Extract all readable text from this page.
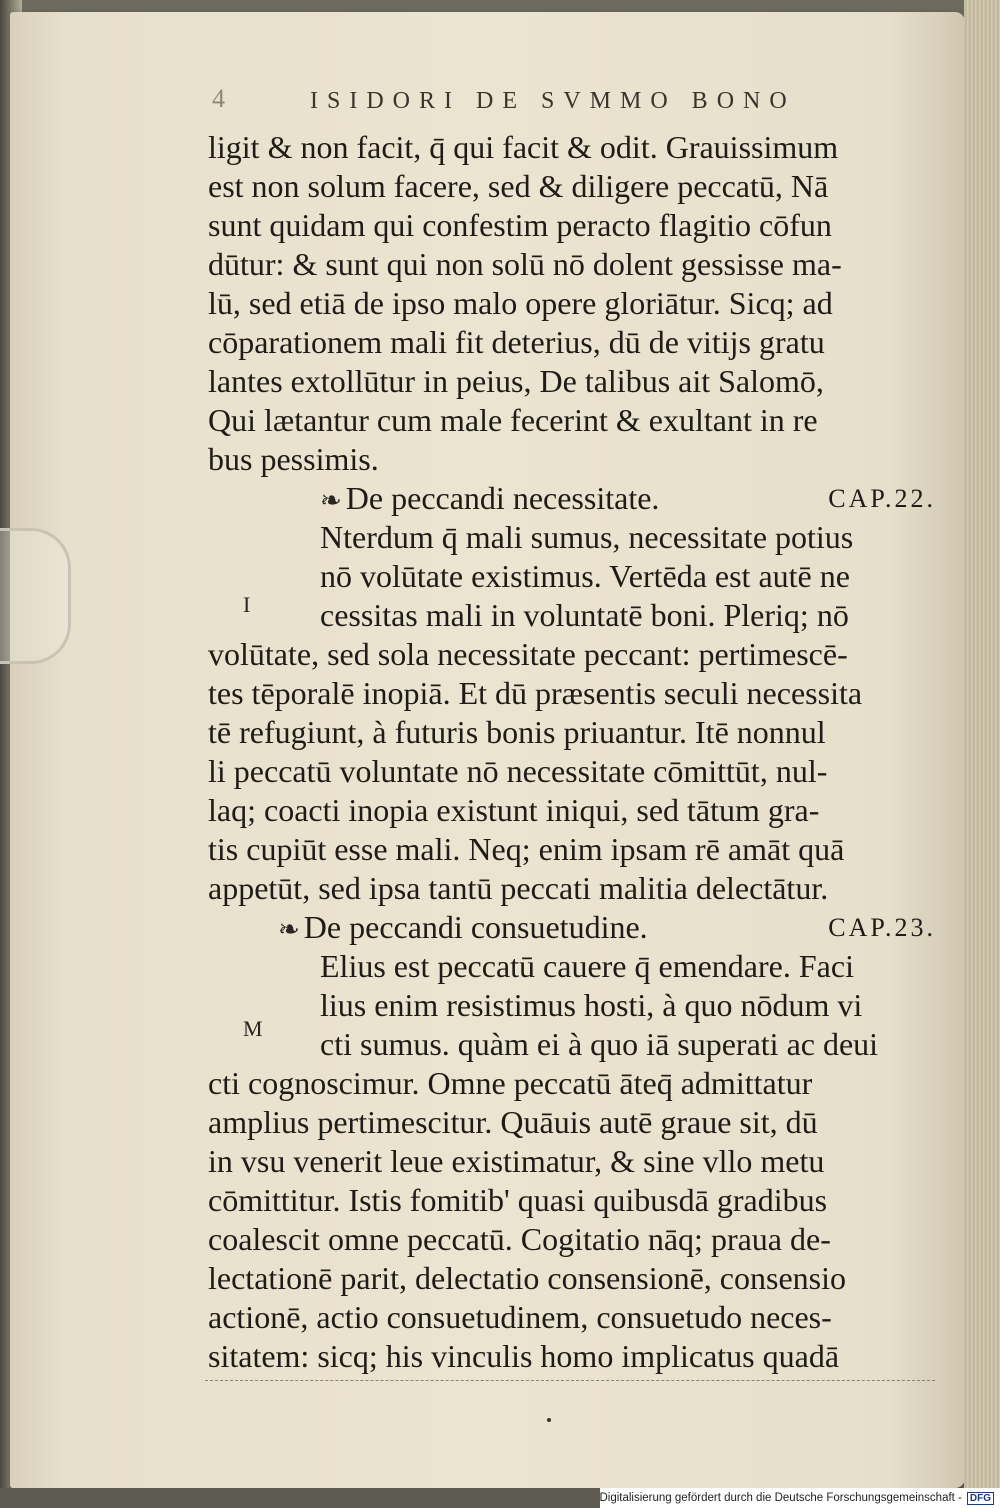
4	ISIDORI DE SVMMO BONO
ligit & non facit, q̄ qui facit & odit. Grauissimum
est non solum facere, sed & diligere peccatū, Nā
sunt quidam qui confestim peracto flagitio cōfun
dūtur: & sunt qui non solū nō dolent gessisse ma-
lū, sed etiā de ipso malo opere gloriātur. Sicq; ad
cōparationem mali fit deterius, dū de vitijs gratu
lantes extollūtur in peius, De talibus ait Salomō,
Qui lætantur cum male fecerint & exultant in re
bus pessimis.
❧ De peccandi necessitate.	CAP.22.
Nterdum q̄ mali sumus, necessitate potius
nō volūtate existimus. Vertēda est autē ne
cessitas mali in voluntatē boni. Pleriq; nō
volūtate, sed sola necessitate peccant: pertimescē-
tes tēporalē inopiā. Et dū præsentis seculi necessita
tē refugiunt, à futuris bonis priuantur. Itē nonnul
li peccatū voluntate nō necessitate cōmittūt, nul-
laq; coacti inopia existunt iniqui, sed tātum gra-
tis cupiūt esse mali. Neq; enim ipsam rē amāt quā
appetūt, sed ipsa tantū peccati malitia delectātur.
❧ De peccandi consuetudine.	CAP.23.
Elius est peccatū cauere q̄ emendare. Faci
lius enim resistimus hosti, à quo nōdum vi
cti sumus. quàm ei à quo iā superati ac deui
cti cognoscimur. Omne peccatū āteq̄ admittatur
amplius pertimescitur. Quāuis autē graue sit, dū
in vsu venerit leue existimatur, & sine vllo metu
cōmittitur. Istis fomitib' quasi quibusdā gradibus
coalescit omne peccatū. Cogitatio nāq; praua de-
lectationē parit, delectatio consensionē, consensio
actionē, actio consuetudinem, consuetudo neces-
sitatem: sicq; his vinculis homo implicatus quadā
I
M
Digitalisierung gefördert durch die Deutsche Forschungsgemeinschaft - DFG
